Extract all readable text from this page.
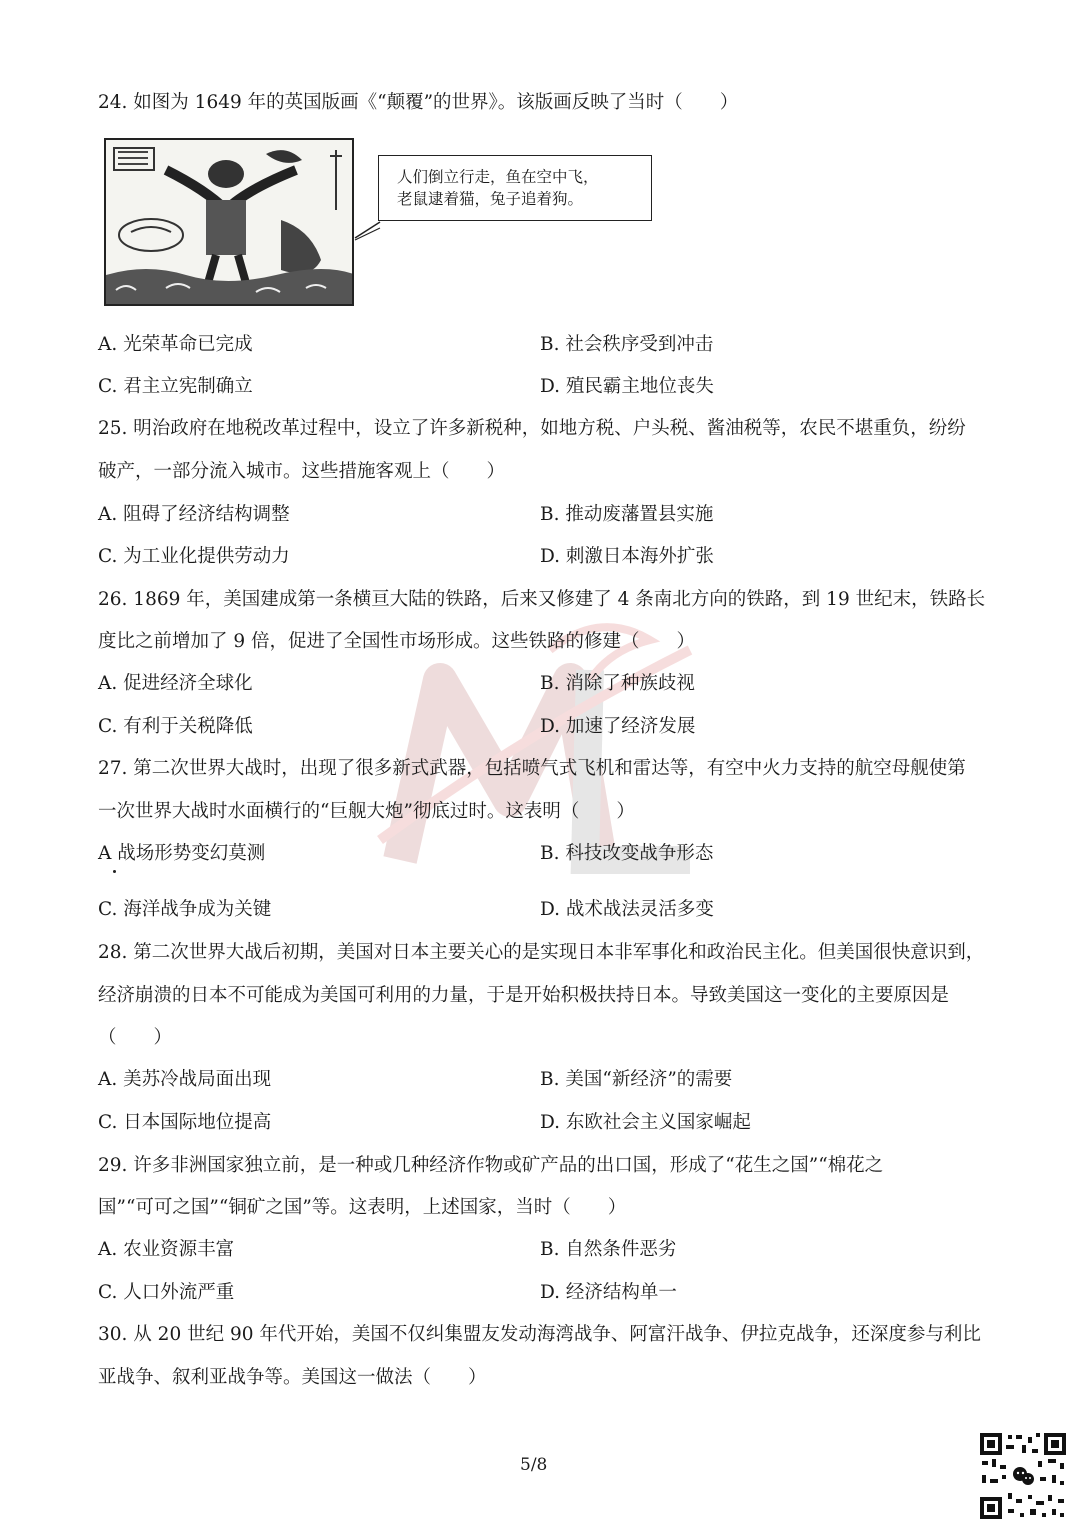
24. 如图为 1649 年的英国版画《“颠覆”的世界》。该版画反映了当时（　　）
人们倒立行走，鱼在空中飞，
老鼠逮着猫，兔子追着狗。
A. 光荣革命已完成	B. 社会秩序受到冲击
C. 君主立宪制确立	D. 殖民霸主地位丧失
25. 明治政府在地税改革过程中，设立了许多新税种，如地方税、户头税、酱油税等，农民不堪重负，纷纷
破产，一部分流入城市。这些措施客观上（　　）
A. 阻碍了经济结构调整	B. 推动废藩置县实施
C. 为工业化提供劳动力	D. 刺激日本海外扩张
26. 1869 年，美国建成第一条横亘大陆的铁路，后来又修建了 4 条南北方向的铁路，到 19 世纪末，铁路长
度比之前增加了 9 倍，促进了全国性市场形成。这些铁路的修建（　　）
A. 促进经济全球化	B. 消除了种族歧视
C. 有利于关税降低	D. 加速了经济发展
27. 第二次世界大战时，出现了很多新式武器，包括喷气式飞机和雷达等，有空中火力支持的航空母舰使第
一次世界大战时水面横行的“巨舰大炮”彻底过时。这表明（　　）
A 战场形势变幻莫测	B. 科技改变战争形态
C. 海洋战争成为关键	D. 战术战法灵活多变
28. 第二次世界大战后初期，美国对日本主要关心的是实现日本非军事化和政治民主化。但美国很快意识到，
经济崩溃的日本不可能成为美国可利用的力量，于是开始积极扶持日本。导致美国这一变化的主要原因是
（　　）
A. 美苏冷战局面出现	B. 美国“新经济”的需要
C. 日本国际地位提高	D. 东欧社会主义国家崛起
29. 许多非洲国家独立前，是一种或几种经济作物或矿产品的出口国，形成了“花生之国”“棉花之
国”“可可之国”“铜矿之国”等。这表明，上述国家，当时（　　）
A. 农业资源丰富	B. 自然条件恶劣
C. 人口外流严重	D. 经济结构单一
30. 从 20 世纪 90 年代开始，美国不仅纠集盟友发动海湾战争、阿富汗战争、伊拉克战争，还深度参与利比
亚战争、叙利亚战争等。美国这一做法（　　）
5/8
